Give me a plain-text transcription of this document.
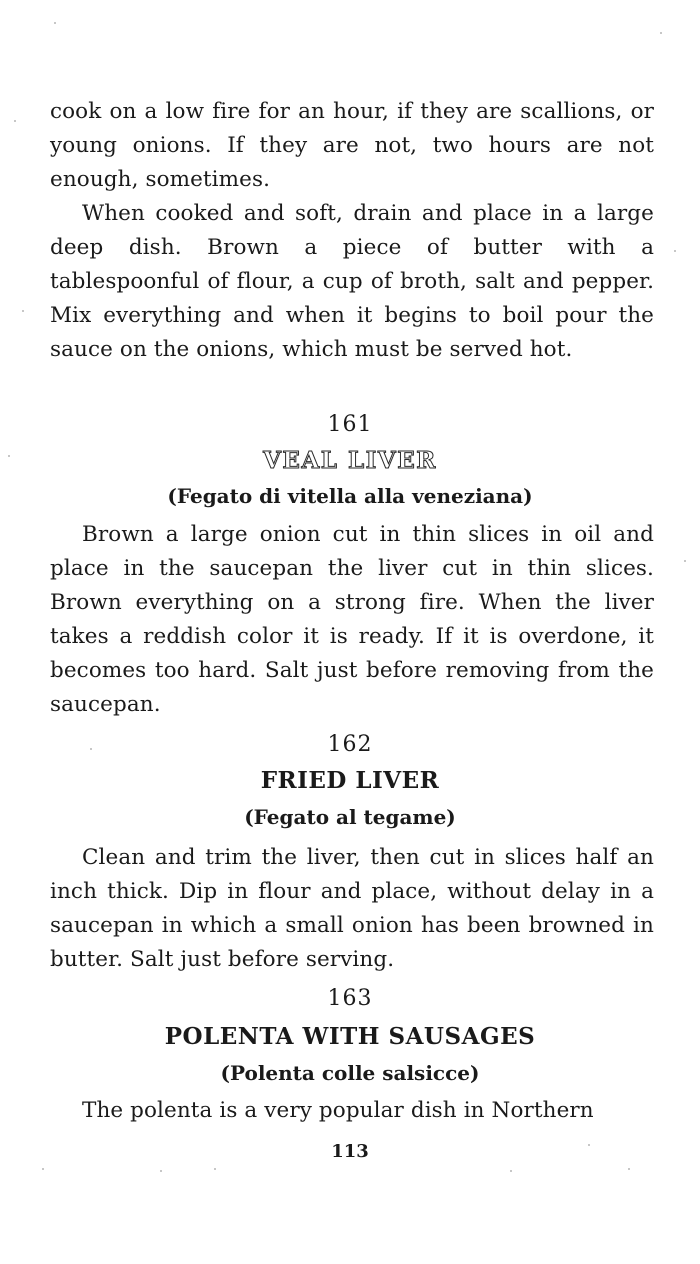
cook on a low fire for an hour, if they are scallions, or young onions. If they are not, two hours are not enough, sometimes.

When cooked and soft, drain and place in a large deep dish. Brown a piece of butter with a tablespoonful of flour, a cup of broth, salt and pepper. Mix everything and when it begins to boil pour the sauce on the onions, which must be served hot.

161

VEAL LIVER

(Fegato di vitella alla veneziana)

Brown a large onion cut in thin slices in oil and place in the saucepan the liver cut in thin slices. Brown everything on a strong fire. When the liver takes a reddish color it is ready. If it is overdone, it becomes too hard. Salt just before removing from the saucepan.

162

FRIED LIVER

(Fegato al tegame)

Clean and trim the liver, then cut in slices half an inch thick. Dip in flour and place, without delay in a saucepan in which a small onion has been browned in butter. Salt just before serving.

163

POLENTA WITH SAUSAGES

(Polenta colle salsicce)

The polenta is a very popular dish in Northern

113
